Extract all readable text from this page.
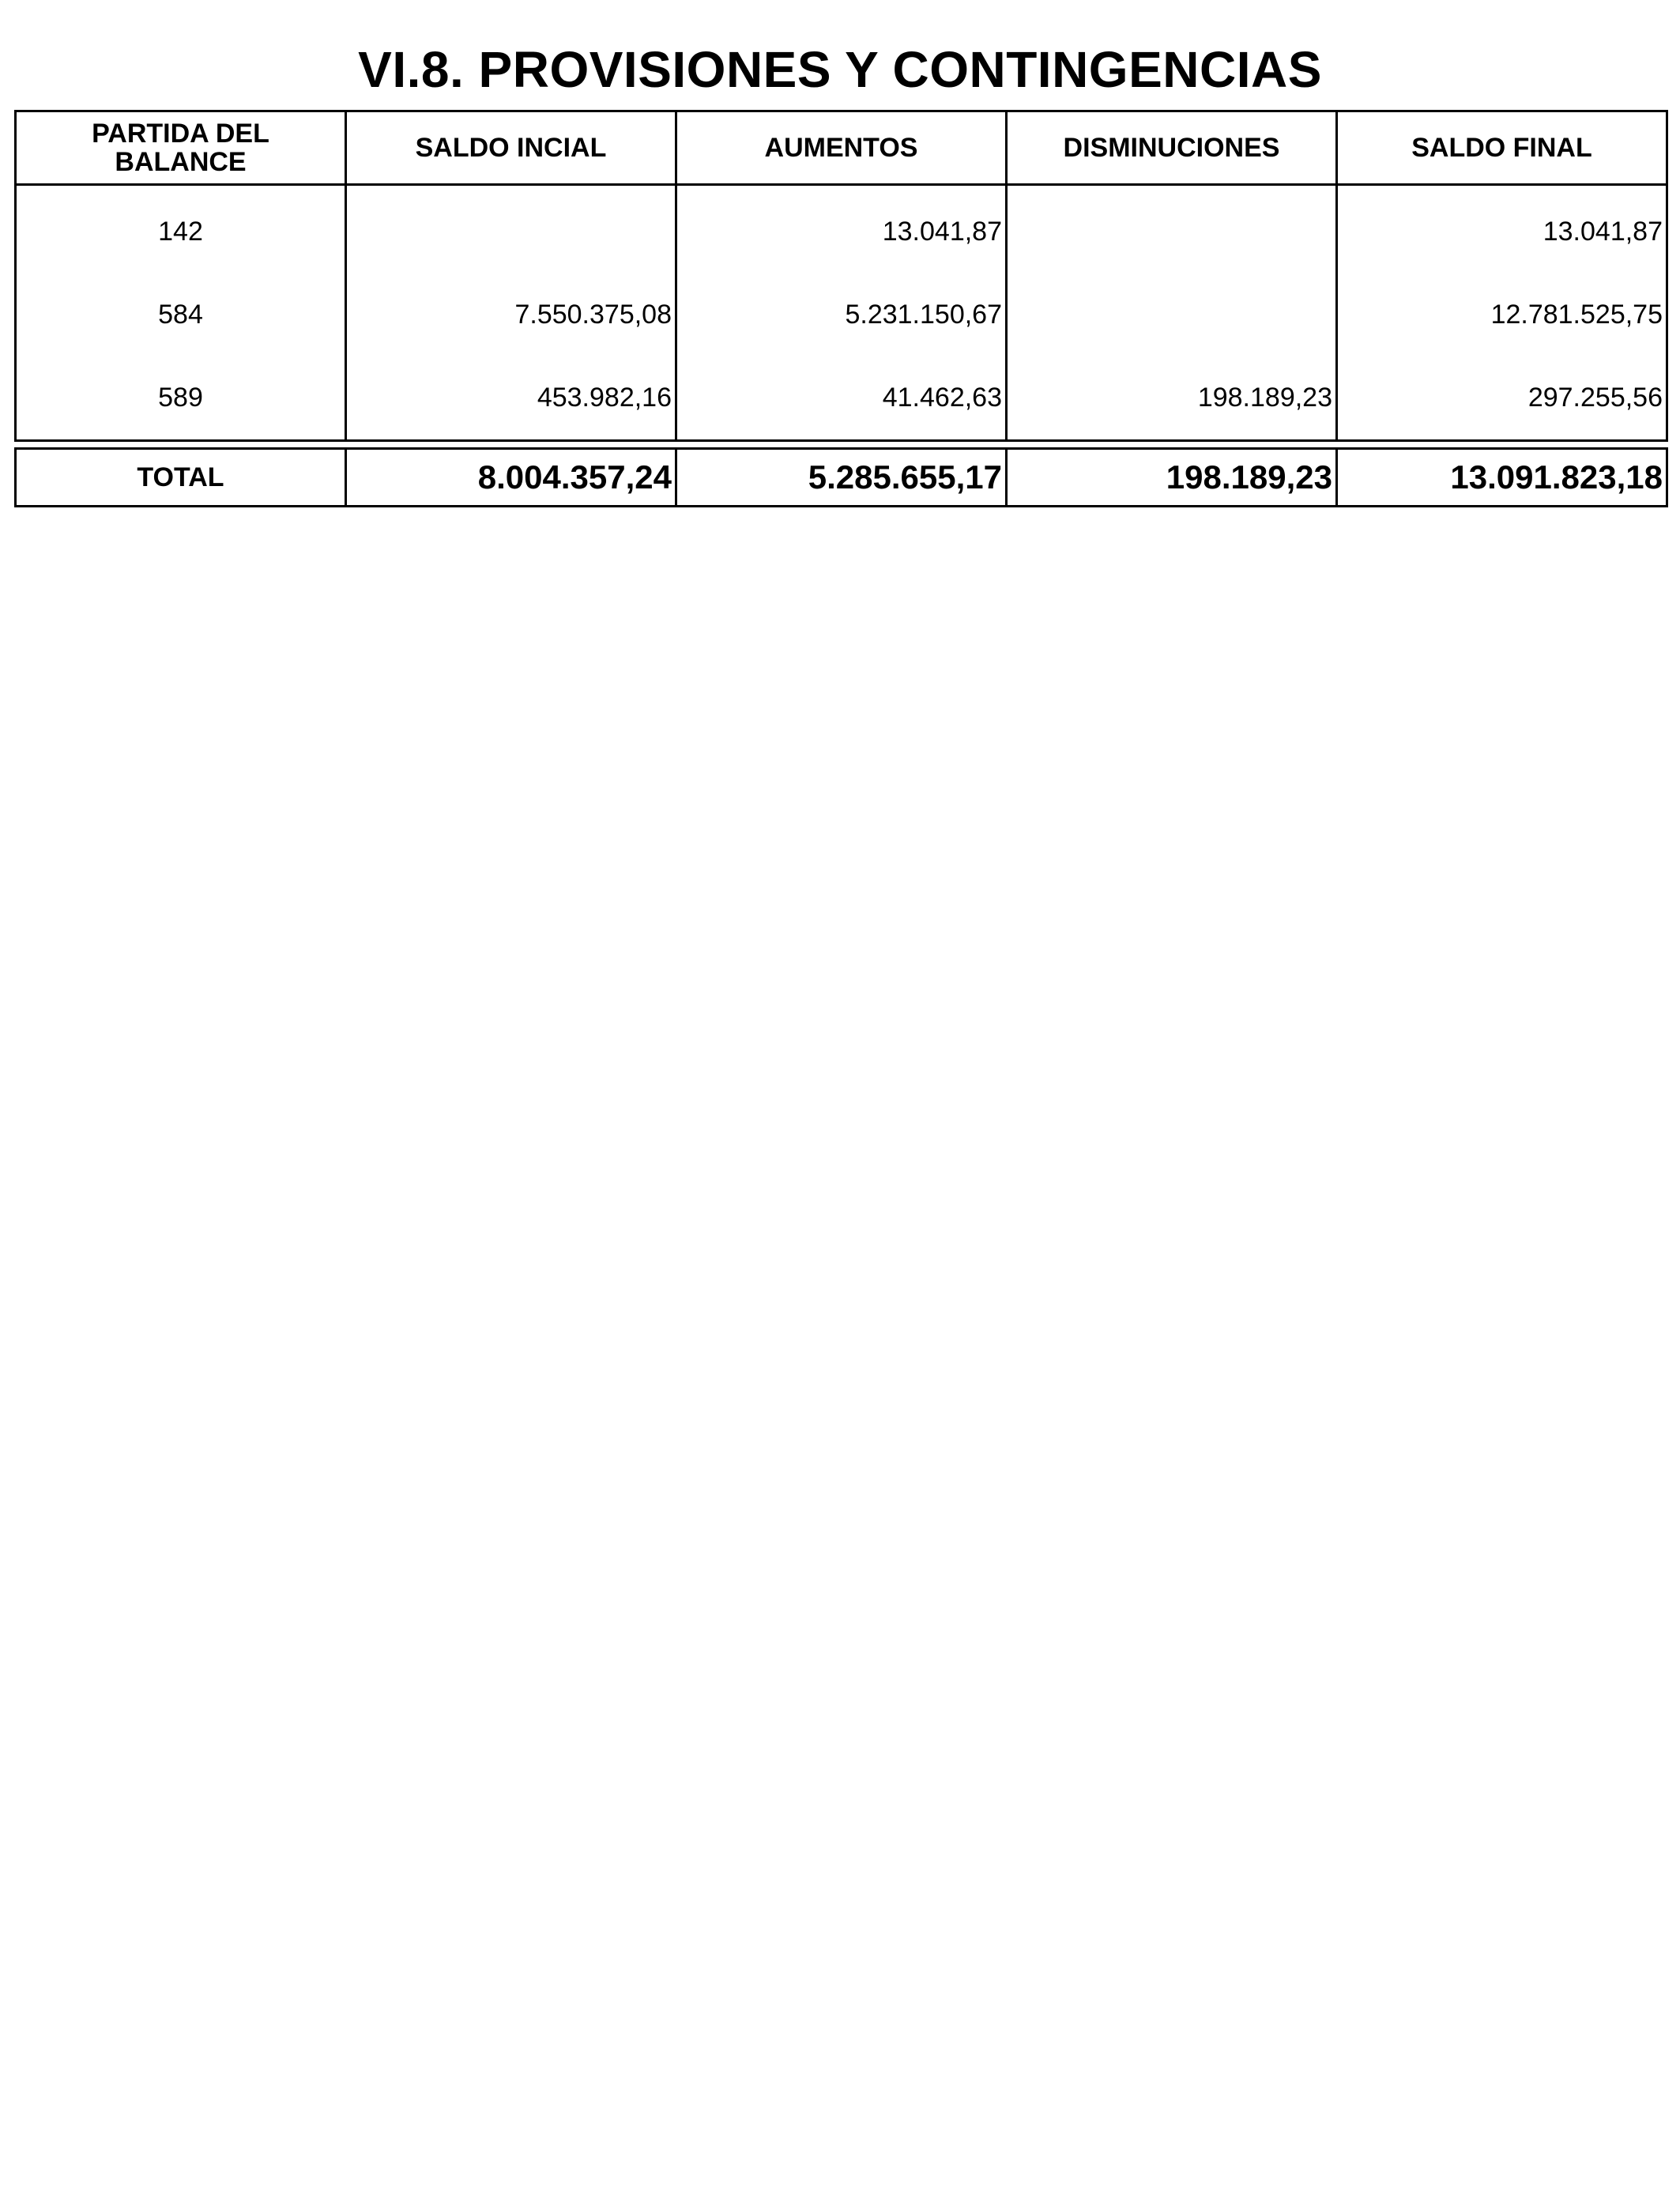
VI.8. PROVISIONES Y CONTINGENCIAS
PARTIDA DEL
BALANCE	SALDO INCIAL	AUMENTOS	DISMINUCIONES	SALDO FINAL
142		13.041,87		13.041,87
584	7.550.375,08	5.231.150,67		12.781.525,75
589	453.982,16	41.462,63	198.189,23	297.255,56
TOTAL	8.004.357,24	5.285.655,17	198.189,23	13.091.823,18
